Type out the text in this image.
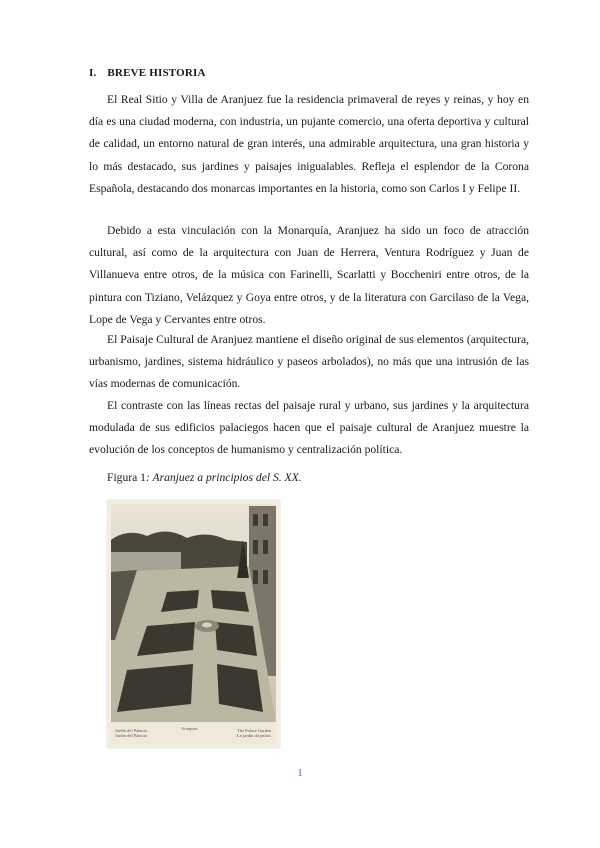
I. BREVE HISTORIA

El Real Sitio y Villa de Aranjuez fue la residencia primaveral de reyes y reinas, y hoy en día es una ciudad moderna, con industria, un pujante comercio, una oferta deportiva y cultural de calidad, un entorno natural de gran interés, una admirable arquitectura, una gran historia y lo más destacado, sus jardines y paisajes inigualables. Refleja el esplendor de la Corona Española, destacando dos monarcas importantes en la historia, como son Carlos I y Felipe II.

Debido a esta vinculación con la Monarquía, Aranjuez ha sido un foco de atracción cultural, así como de la arquitectura con Juan de Herrera, Ventura Rodríguez y Juan de Villanueva entre otros, de la música con Farinelli, Scarlatti y Boccheniri entre otros, de la pintura con Tiziano, Velázquez y Goya entre otros, y de la literatura con Garcilaso de la Vega, Lope de Vega y Cervantes entre otros.

El Paisaje Cultural de Aranjuez mantiene el diseño original de sus elementos (arquitectura, urbanismo, jardines, sistema hidráulico y paseos arbolados), no más que una intrusión de las vías modernas de comunicación.

El contraste con las líneas rectas del paisaje rural y urbano, sus jardines y la arquitectura modulada de sus edificios palaciegos hacen que el paisaje cultural de Aranjuez muestre la evolución de los conceptos de humanismo y centralización política.

Figura 1: Aranjuez a principios del S. XX.
Jardín del Palacio
Jardín del Palacio
Aranjuez	The Palace Garden
Le jardin du palais
1
